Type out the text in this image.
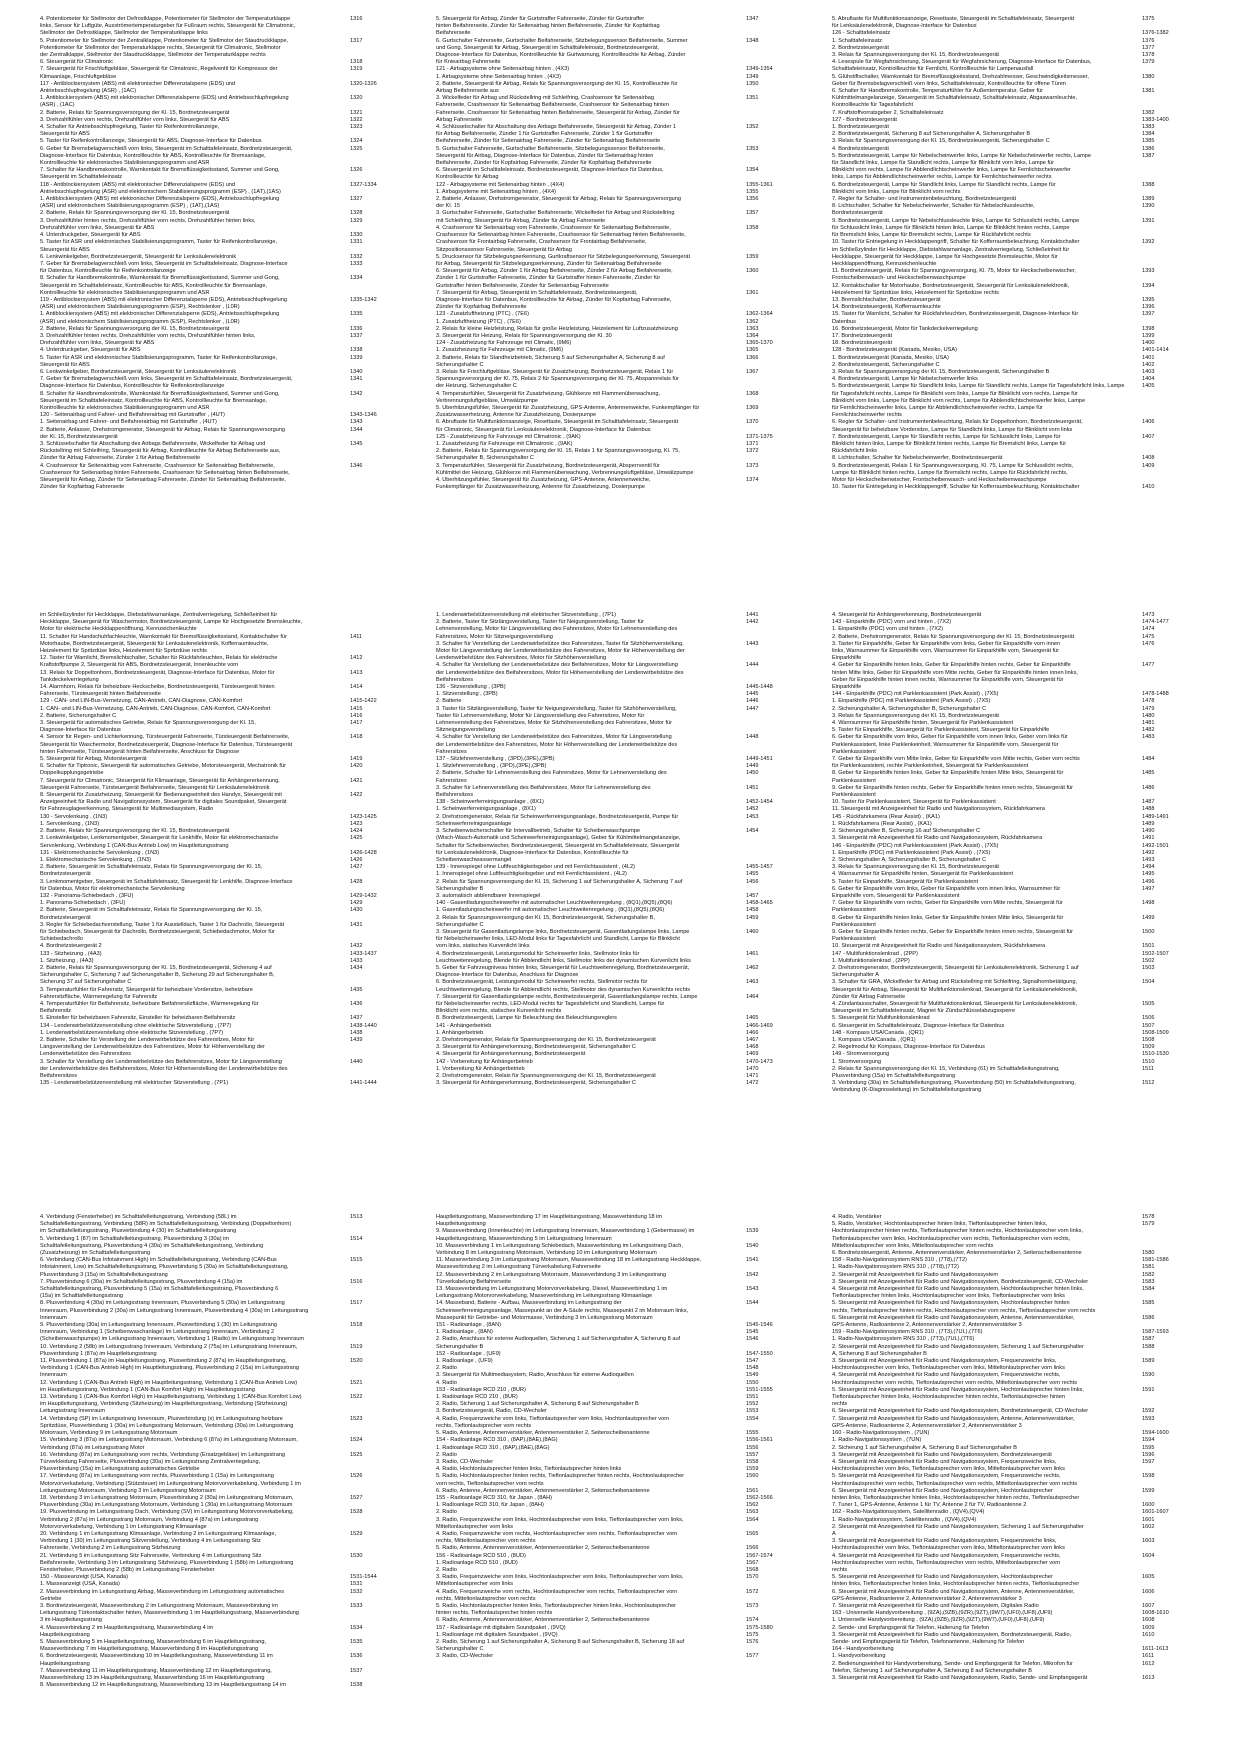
4. Potentiometer für Stellmotor der Defrostklappe, Potentiometer für Stellmotor der Temperaturklappe	1316
links, Sensor für Luftgüte, Ausströmertemperaturgeber für Fußraum rechts, Steuergerät für Climatronic,
Stellmotor der Defrostklappe, Stellmotor der Temperaturklappe links
5. Potentiometer für Stellmotor der Zentralklappe, Potentiometer für Stellmotor der Staudruckklappe,	1317
Potentiometer für Stellmotor der Temperaturklappe rechts, Steuergerät für Climatronic, Stellmotor
der Zentralklappe, Stellmotor der Staudruckklappe, Stellmotor der Temperaturklappe rechts
6. Steuergerät für Climatronic	1318
7. Steuergerät für Frischluftgebläse, Steuergerät für Climatronic, Regelventil für Kompressor der	1319
Klimaanlage, Frischluftgebläse
117 - Antiblockiersystem (ABS) mit elektronischer Differenzialsperre (EDS) und	1320-1326
Antriebsschlupfregelung (ASR) , (1AC)
1. Antiblockiersystem (ABS) mit elektronischer Differenzialsperre (EDS) und Antriebsschlupfregelung	1320
(ASR) , (1AC)
2. Batterie, Relais für Spannungsversorgung der Kl. 15, Bordnetzsteuergerät	1321
3. Drehzahlfühler vorn rechts, Drehzahlfühler vorn links, Steuergerät für ABS	1322
4. Schalter für Antriebsschlupfregelung, Taster für Reifenkontrollanzeige,	1323
Steuergerät für ABS
5. Taster für Reifenkontrollanzeige, Steuergerät für ABS, Diagnose-Interface für Datenbus	1324
6. Geber für Bremsbelagverschleiß vorn links, Steuergerät im Schalttafeleinsatz, Bordnetzsteuergerät,	1325
Diagnose-Interface für Datenbus, Kontrollleuchte für ABS, Kontrollleuchte für Bremsanlage,
Kontrollleuchte für elektronisches Stabilisierungsprogramm und ASR
7. Schalter für Handbremskontrolle, Warnkontakt für Bremsflüssigkeitsstand, Summer und Gong,	1326
Steuergerät im Schalttafeleinsatz
118 - Antiblockiersystem (ABS) mit elektronischer Differenzialsperre (EDS) und	1327-1334
Antriebsschlupfregelung (ASR) und elektronischem Stabilisierungsprogramm (ESP) , (1AT),(1AS)
1. Antiblockiersystem (ABS) mit elektronischer Differenzialsperre (EDS), Antriebsschlupfregelung	1327
(ASR) und elektronischem Stabilisierungsprogramm (ESP) , (1AT),(1AS)
2. Batterie, Relais für Spannungsversorgung der Kl. 15, Bordnetzsteuergerät	1328
3. Drehzahlfühler hinten rechts, Drehzahlfühler vorn rechts, Drehzahlfühler hinten links,	1329
Drehzahlfühler vorn links, Steuergerät für ABS
4. Unterdruckgeber, Steuergerät für ABS	1330
5. Taster für ASR und elektronisches Stabilisierungsprogramm, Taster für Reifenkontrollanzeige,	1331
Steuergerät für ABS
6. Lenkwinkelgeber, Bordnetzsteuergerät, Steuergerät für Lenksäulenelektronik	1332
7. Geber für Bremsbelagverschleiß vorn links, Steuergerät im Schalttafeleinsatz, Diagnose-Interface	1333
für Datenbus, Kontrollleuchte für Reifenkontrollanzeige
8. Schalter für Handbremskontrolle, Warnkontakt für Bremsflüssigkeitsstand, Summer und Gong,	1334
Steuergerät im Schalttafeleinsatz, Kontrollleuchte für ABS, Kontrollleuchte für Bremsanlage,
Kontrollleuchte für elektronisches Stabilisierungsprogramm und ASR
119 - Antiblockiersystem (ABS) mit elektronischer Differenzialsperre (EDS), Antriebsschlupfregelung	1335-1342
(ASR) und elektronischem Stabilisierungsprogramm (ESP), Rechtslenker , (L0R)
1. Antiblockiersystem (ABS) mit elektronischer Differenzialsperre (EDS), Antriebsschlupfregelung	1335
(ASR) und elektronischem Stabilisierungsprogramm (ESP), Rechtslenker , (L0R)
2. Batterie, Relais für Spannungsversorgung der Kl. 15, Bordnetzsteuergerät	1336
3. Drehzahlfühler hinten rechts, Drehzahlfühler vorn rechts, Drehzahlfühler hinten links,	1337
Drehzahlfühler vorn links, Steuergerät für ABS
4. Unterdruckgeber, Steuergerät für ABS	1338
5. Taster für ASR und elektronisches Stabilisierungsprogramm, Taster für Reifenkontrollanzeige,	1339
Steuergerät für ABS
6. Lenkwinkelgeber, Bordnetzsteuergerät, Steuergerät für Lenksäulenelektronik	1340
7. Geber für Bremsbelagverschleiß vorn links, Steuergerät im Schalttafeleinsatz, Bordnetzsteuergerät,	1341
Diagnose-Interface für Datenbus, Kontrollleuchte für Reifenkontrollanzeige
8. Schalter für Handbremskontrolle, Warnkontakt für Bremsflüssigkeitsstand, Summer und Gong,	1342
Steuergerät im Schalttafeleinsatz, Kontrollleuchte für ABS, Kontrollleuchte für Bremsanlage,
Kontrollleuchte für elektronisches Stabilisierungsprogramm und ASR
120 - Seitenairbag und Fahrer- und Beifahrerairbag mit Gurtstraffer , (4UT)	1343-1346
1. Seitenairbag und Fahrer- und Beifahrerairbag mit Gurtstraffer , (4UT)	1343
2. Batterie, Anlasser, Drehstromgenerator, Steuergerät für Airbag, Relais für Spannungsversorgung	1344
der Kl. 15, Bordnetzsteuergerät
3. Schlüsselschalter für Abschaltung des Airbags Beifahrerseite, Wickelfeder für Airbag und	1345
Rückstellring mit Schleifring, Steuergerät für Airbag, Kontrollleuchte für Airbag Beifahrerseite aus,
Zünder für Airbag Fahrerseite, Zünder 1 für Airbag Beifahrerseite
4. Crashsensor für Seitenairbag vorn Fahrerseite, Crashsensor für Seitenairbag Beifahrerseite,	1346
Crashsensor für Seitenairbag hinten Fahrerseite, Crashsensor für Seitenairbag hinten Beifahrerseite,
Steuergerät für Airbag, Zünder für Seitenairbag Fahrerseite, Zünder für Seitenairbag Beifahrerseite,
Zünder für Kopfairbag Fahrerseite
5. Steuergerät für Airbag, Zünder für Gurtstraffer Fahrerseite, Zünder für Gurtstraffer	1347
hinten Beifahrerseite, Zünder für Seitenairbag hinten Beifahrerseite, Zünder für Kopfairbag
Beifahrerseite
6. Gurtschalter Fahrerseite, Gurtschalter Beifahrerseite, Sitzbelegungssensor Beifahrerseite, Summer	1348
und Gong, Steuergerät für Airbag, Steuergerät im Schalttafeleinsatz, Bordnetzsteuergerät,
Diagnose-Interface für Datenbus, Kontrollleuchte für Gurtwarnung, Kontrollleuchte für Airbag, Zünder
für Knieairbag Fahrerseite
121 - Airbagsysteme ohne Seitenairbag hinten , (4X3)	1349-1354
1. Airbagsysteme ohne Seitenairbag hinten , (4X3)	1349
2. Batterie, Steuergerät für Airbag, Relais für Spannungsversorgung der Kl. 15, Kontrollleuchte für	1350
Airbag Beifahrerseite aus
3. Wickelfeder für Airbag und Rückstellring mit Schleifring, Crashsensor für Seitenairbag	1351
Fahrerseite, Crashsensor für Seitenairbag Beifahrerseite, Crashsensor für Seitenairbag hinten
Fahrerseite, Crashsensor für Seitenairbag hinten Beifahrerseite, Steuergerät für Airbag, Zünder für
Airbag Fahrerseite
4. Schlüsselschalter für Abschaltung des Airbags Beifahrerseite, Steuergerät für Airbag, Zünder 1	1352
für Airbag Beifahrerseite, Zünder 1 für Gurtstraffer Fahrerseite, Zünder 1 für Gurtstraffer
Beifahrerseite, Zünder für Seitenairbag Fahrerseite, Zünder für Seitenairbag Beifahrerseite
5. Gurtschalter Fahrerseite, Gurtschalter Beifahrerseite, Sitzbelegungssensor Beifahrerseite,	1353
Steuergerät für Airbag, Diagnose-Interface für Datenbus, Zünder für Seitenairbag hinten
Beifahrerseite, Zünder für Kopfairbag Fahrerseite, Zünder für Kopfairbag Beifahrerseite
6. Steuergerät im Schalttafeleinsatz, Bordnetzsteuergerät, Diagnose-Interface für Datenbus,	1354
Kontrollleuchte für Airbag
122 - Airbagsysteme mit Seitenairbag hinten , (4X4)	1355-1361
1. Airbagsysteme mit Seitenairbag hinten , (4X4)	1355
2. Batterie, Anlasser, Drehstromgenerator, Steuergerät für Airbag, Relais für Spannungsversorgung	1356
der Kl. 15
3. Gurtschalter Fahrerseite, Gurtschalter Beifahrerseite, Wickelfeder für Airbag und Rückstellring	1357
mit Schleifring, Steuergerät für Airbag, Zünder für Airbag Fahrerseite
4. Crashsensor für Seitenairbag vorn Fahrerseite, Crashsensor für Seitenairbag Beifahrerseite,	1358
Crashsensor für Seitenairbag hinten Fahrerseite, Crashsensor für Seitenairbag hinten Beifahrerseite,
Crashsensor für Frontairbag Fahrerseite, Crashsensor für Frontairbag Beifahrerseite,
Sitzpositionssensor Fahrerseite, Steuergerät für Airbag
5. Drucksensor für Sitzbelegungserkennung, Gurtkraftsensor für Sitzbelegungserkennung, Steuergerät	1359
für Airbag, Steuergerät für Sitzbelegungserkennung, Zünder für Seitenairbag Beifahrerseite
6. Steuergerät für Airbag, Zünder 1 für Airbag Beifahrerseite, Zünder 2 für Airbag Beifahrerseite,	1360
Zünder 1 für Gurtstraffer Fahrerseite, Zünder für Gurtstraffer hinten Fahrerseite, Zünder für
Gurtstraffer hinten Beifahrerseite, Zünder für Seitenairbag Fahrerseite
7. Steuergerät für Airbag, Steuergerät im Schalttafeleinsatz, Bordnetzsteuergerät,	1361
Diagnose-Interface für Datenbus, Kontrollleuchte für Airbag, Zünder für Kopfairbag Fahrerseite,
Zünder für Kopfairbag Beifahrerseite
123 - Zusatzluftheizung (PTC) , (7E6)	1362-1364
1. Zusatzluftheizung (PTC) , (7E6)	1362
2. Relais für kleine Heizleistung, Relais für große Heizleistung, Heizelement für Luftzusatzheizung	1363
3. Steuergerät für Heizung, Relais für Spannungsversorgung der Kl. 30	1364
124 - Zusatzheizung für Fahrzeuge mit Climatic, (9M6)	1365-1370
1. Zusatzheizung für Fahrzeuge mit Climatic, (9M6)	1365
2. Batterie, Relais für Standheizbetrieb, Sicherung 5 auf Sicherungshalter A, Sicherung 8 auf	1366
Sicherungshalter C
3. Relais für Frischluftgebläse, Steuergerät für Zusatzheizung, Bordnetzsteuergerät, Relais 1 für	1367
Spannungsversorgung der Kl. 75, Relais 2 für Spannungsversorgung der Kl. 75, Abspannrelais für
der Heizung, Sicherungshalter C
4. Temperaturfühler, Steuergerät für Zusatzheizung, Glühkerze mit Flammenüberwachung,	1368
Verbrennungsluftgebläse, Umwälzpumpe
5. Überhitzungsfühler, Steuergerät für Zusatzheizung, GPS-Antenne, Antennenweiche, Funkempfänger für	1369
Zusatzwasserheizung, Antenne für Zusatzheizung, Dosierpumpe
6. Abruftaste für Multifunktionsanzeige, Resettaste, Steuergerät im Schalttafeleinsatz, Steuergerät	1370
für Climatronic, Steuergerät für Lenksäulenelektronik, Diagnose-Interface für Datenbus
125 - Zusatzheizung für Fahrzeuge mit Climatronic , (9AK)	1371-1375
1. Zusatzheizung für Fahrzeuge mit Climatronic , (9AK)	1371
2. Batterie, Relais für Spannungsversorgung der Kl. 15, Relais 1 für Spannungsversorgung, Kl. 75,	1372
Sicherungshalter B, Sicherungshalter C
3. Temperaturfühler, Steuergerät für Zusatzheizung, Bordnetzsteuergerät, Absperrventil für	1373
Kühlmittel der Heizung, Glühkerze mit Flammenüberwachung, Verbrennungsluftgebläse, Umwälzpumpe
4. Überhitzungsfühler, Steuergerät für Zusatzheizung, GPS-Antenne, Antennenweiche,	1374
Funkempfänger für Zusatzwasserheizung, Antenne für Zusatzheizung, Dosierpumpe
5. Abruftaste für Multifunktionsanzeige, Resettaste, Steuergerät im Schalttafeleinsatz, Steuergerät	1375
für Lenksäulenelektronik, Diagnose-Interface für Datenbus
126 - Schalttafeleinsatz	1376-1382
1. Schalttafeleinsatz	1376
2. Bordnetzsteuergerät	1377
3. Relais für Spannungsversorgung der Kl. 15, Bordnetzsteuergerät	1378
4. Lesespule für Wegfahrsicherung, Steuergerät für Wegfahrsicherung, Diagnose-Interface für Datenbus,	1379
Schalttafeleinsatz, Kontrollleuchte für Fernlicht, Kontrollleuchte für Lampenausfall
5. Glühstiftschalter, Warnkontakt für Bremsflüssigkeitsstand, Drehzahlmesser, Geschwindigkeitsmesser,	1380
Geber für Bremsbelagverschleiß vorn links, Schalttafeleinsatz, Kontrollleuchte für offene Türen
6. Schalter für Handbremskontrolle, Temperaturfühler für Außentemperatur, Geber für	1381
Kühlmittelmangelanzeige, Steuergerät im Schalttafeleinsatz, Schalttafeleinsatz, Abgaswarnleuchte,
Kontrollleuchte für Tagesfahrlicht
7. Kraftstoffvorratsgeber 2, Schalttafeleinsatz	1382
127 - Bordnetzsteuergerät	1383-1400
1. Bordnetzsteuergerät	1383
2. Bordnetzsteuergerät, Sicherung 8 auf Sicherungshalter A, Sicherungshalter B	1384
3. Relais für Spannungsversorgung der Kl. 15, Bordnetzsteuergerät, Sicherungshalter C	1385
4. Bordnetzsteuergerät	1386
5. Bordnetzsteuergerät, Lampe für Nebelscheinwerfer links, Lampe für Nebelscheinwerfer rechts, Lampe	1387
für Standlicht links, Lampe für Standlicht rechts, Lampe für Blinklicht vorn links, Lampe für
Blinklicht vorn rechts, Lampe für Abblendlichtscheinwerfer links, Lampe für Fernlichtscheinwerfer
links, Lampe für Abblendlichtscheinwerfer rechts, Lampe für Fernlichtscheinwerfer rechts
6. Bordnetzsteuergerät, Lampe für Standlicht links, Lampe für Standlicht rechts, Lampe für	1388
Blinklicht vorn links, Lampe für Blinklicht vorn rechts
7. Regler für Schalter- und Instrumentenbeleuchtung, Bordnetzsteuergerät	1389
8. Lichtschalter, Schalter für Nebelscheinwerfer, Schalter für Nebelschlussleuchte,	1390
Bordnetzsteuergerät
9. Bordnetzsteuergerät, Lampe für Nebelschlussleuchte links, Lampe für Schlusslicht rechts, Lampe	1391
für Schlusslicht links, Lampe für Blinklicht hinten links, Lampe für Blinklicht hinten rechts, Lampe
für Bremslicht links, Lampe für Bremslicht rechts, Lampe für Rückfahrlicht rechts
10. Taster für Entriegelung in Heckklappengriff, Schalter für Kofferraumbeleuchtung, Kontaktschalter	1392
im Schließzylinder für Heckklappe, Diebstahlwarnanlage, Zentralverriegelung, Schließeinheit für
Heckklappe, Steuergerät für Heckklappe, Lampe für Hochgesetzte Bremsleuchte, Motor für
Heckklappenöffnung, Kennzeichenleuchte
11. Bordnetzsteuergerät, Relais für Spannungsversorgung, Kl. 75, Motor für Heckscheibenwischer,	1393
Frontscheibenwasch- und Heckscheibenwaschpumpe
12. Kontaktschalter für Motorhaube, Bordnetzsteuergerät, Steuergerät für Lenksäulenelektronik,	1394
Heizelement für Spritzdüse links, Heizelement für Spritzdüse rechts
13. Bremslichtschalter, Bordnetzsteuergerät	1395
14. Bordnetzsteuergerät, Kofferraumleuchte	1396
15. Taster für Warnlicht, Schalter für Rückfahrleuchten, Bordnetzsteuergerät, Diagnose-Interface für	1397
Datenbus
16. Bordnetzsteuergerät, Motor für Tankdeckelverriegelung	1398
17. Bordnetzsteuergerät	1399
18. Bordnetzsteuergerät	1400
128 - Bordnetzsteuergerät (Kanada, Mexiko, USA)	1401-1414
1. Bordnetzsteuergerät (Kanada, Mexiko, USA)	1401
2. Bordnetzsteuergerät, Sicherungshalter C	1402
3. Relais für Spannungsversorgung der Kl. 15, Bordnetzsteuergerät, Sicherungshalter B	1403
4. Bordnetzsteuergerät, Lampe für Nebelscheinwerfer links	1404
5. Bordnetzsteuergerät, Lampe für Standlicht links, Lampe für Standlicht rechts, Lampe für Tagesfahrlicht links, Lampe	1405
für Tagesfahrlicht rechts, Lampe für Blinklicht vorn links, Lampe für Blinklicht vorn rechts, Lampe für
Blinklicht vorn links, Lampe für Blinklicht vorn rechts, Lampe für Abblendlichtscheinwerfer links, Lampe
für Fernlichtscheinwerfer links, Lampe für Abblendlichtscheinwerfer rechts, Lampe für
Fernlichtscheinwerfer rechts
6. Regler für Schalter- und Instrumentenbeleuchtung, Relais für Doppeltonhorn, Bordnetzsteuergerät,	1406
Steuergerät für beheizbare Vordersitze, Lampe für Standlicht links, Lampe für Blinklicht vorn links
7. Bordnetzsteuergerät, Lampe für Standlicht rechts, Lampe für Schlusslicht links, Lampe für	1407
Blinklicht hinten links, Lampe für Blinklicht hinten rechts, Lampe für Bremslicht links, Lampe für
Rückfahrlicht links
8. Lichtschalter, Schalter für Nebelscheinwerfer, Bordnetzsteuergerät	1408
9. Bordnetzsteuergerät, Relais 1 für Spannungsversorgung, Kl. 75, Lampe für Schlusslicht rechts,	1409
Lampe für Blinklicht hinten rechts, Lampe für Bremslicht rechts, Lampe für Rückfahrlicht rechts,
Motor für Heckscheibenwischer, Frontscheibenwasch- und Heckscheibenwaschpumpe
10. Taster für Entriegelung in Heckklappengriff, Schalter für Kofferraumbeleuchtung, Kontaktschalter	1410
im Schließzylinder für Heckklappe, Diebstahlwarnanlage, Zentralverriegelung, Schließeinheit für
Heckklappe, Steuergerät für Waschermotor, Bordnetzsteuergerät, Lampe für Hochgesetzte Bremsleuchte,
Motor für elektrische Heckklappenöffnung, Kennzeichenleuchte
11. Schalter für Handschuhfachleuchte, Warnkontakt für Bremsflüssigkeitsstand, Kontaktschalter für	1411
Motorhaube, Bordnetzsteuergerät, Steuergerät für Lenksäulenelektronik, Kofferraumleuchte,
Heizelement für Spritzdüse links, Heizelement für Spritzdüse rechts
12. Taster für Warnlicht, Bremslichtschalter, Schalter für Rückfahrleuchten, Relais für elektrische	1412
Kraftstoffpumpe 2, Steuergerät für ABS, Bordnetzsteuergerät, Innenleuchte vorn
13. Relais für Doppeltonhorn, Bordnetzsteuergerät, Diagnose-Interface für Datenbus, Motor für	1413
Tankdeckelverriegelung
14. Alarmhorn, Relais für beheizbare Heckscheibe, Bordnetzsteuergerät, Türsteuergerät hinten	1414
Fahrerseite, Türsteuergerät hinten Beifahrerseite
129 - CAN- und LIN-Bus-Vernetzung, CAN-Antrieb, CAN-Diagnose, CAN-Komfort	1415-1422
1. CAN- und LIN-Bus-Vernetzung, CAN-Antrieb, CAN-Diagnose, CAN-Komfort, CAN-Komfort	1415
2. Batterie, Sicherungshalter C	1416
3. Steuergerät für automatisches Getriebe, Relais für Spannungsversorgung der Kl. 15,	1417
Diagnose-Interface für Datenbus
4. Sensor für Regen- und Lichterkennung, Türsteuergerät Fahrerseite, Türsteuergerät Beifahrerseite,	1418
Steuergerät für Waschermotor, Bordnetzsteuergerät, Diagnose-Interface für Datenbus, Türsteuergerät
hinten Fahrerseite, Türsteuergerät hinten Beifahrerseite, Anschluss für Diagnose
5. Steuergerät für Airbag, Motorsteuergerät	1419
6. Schalter für Tiptronic, Steuergerät für automatisches Getriebe, Motorsteuergerät, Mechatronik für	1420
Doppelkupplungsgetriebe
7. Steuergerät für Climatronic, Steuergerät für Klimaanlage, Steuergerät für Anhängererkennung,	1421
Steuergerät Fahrerseite, Türsteuergerät Beifahrerseite, Steuergerät für Lenksäulenelektronik
8. Steuergerät für Zusatzheizung, Steuergerät für Bedienungseinheit des Handys, Steuergerät mit	1422
Anzeigeeinheit für Radio und Navigationssystem, Steuergerät für digitales Soundpaket, Steuergerät
für Fahrzeuglageerkennung, Steuergerät für Multimediasystem, Radio
130 - Servolenkung , (1N3)	1423-1425
1. Servolenkung , (1N3)	1423
2. Batterie, Relais für Spannungsversorgung der Kl. 15, Bordnetzsteuergerät	1424
3. Lenkwinkelgeber, Lenkmomentgeber, Steuergerät für Lenkhilfe, Motor für elektromechanische	1425
Servolenkung, Verbindung 1 (CAN-Bus Antrieb Low) im Hauptleitungsstrang
131 - Elektromechanische Servolenkung , (1N3)	1426-1428
1. Elektromechanische Servolenkung , (1N3)	1426
2. Batterie, Steuergerät im Schalttafeleinsatz, Relais für Spannungsversorgung der Kl. 15,	1427
Bordnetzsteuergerät
3. Lenkmomentgeber, Steuergerät im Schalttafeleinsatz, Steuergerät für Lenkhilfe, Diagnose-Interface	1428
für Datenbus, Motor für elektromechanische Servolenkung
132 - Panorama-Schiebedach , (3FU)	1429-1432
1. Panorama-Schiebedach , (3FU)	1429
2. Batterie, Steuergerät im Schalttafeleinsatz, Relais für Spannungsversorgung der Kl. 15,	1430
Bordnetzsteuergerät
3. Regler für Schiebedachverstellung, Taster 1 für Ausstelldach, Taster 1 für Dachrollo, Steuergerät	1431
für Schiebedach, Steuergerät für Dachrollo, Bordnetzsteuergerät, Schiebedachmotor, Motor für
Schiebedachrollo
4. Bordnetzsteuergerät 2	1432
133 - Sitzheizung , (4A3)	1433-1437
1. Sitzheizung , (4A3)	1433
2. Batterie, Relais für Spannungsversorgung der Kl. 15, Bordnetzsteuergerät, Sicherung 4 auf	1434
Sicherungshalter C, Sicherung 7 auf Sicherungshalter B, Sicherung 29 auf Sicherungshalter B,
Sicherung 37 auf Sicherungshalter C
3. Temperaturfühler für Fahrersitz, Steuergerät für beheizbare Vordersitze, beheizbare	1435
Fahrersitzfläche, Wärmeregelung für Fahrersitz
4. Temperaturfühler für Beifahrersitz, beheizbare Beifahrersitzfläche, Wärmeregelung für	1436
Beifahrersitz
5. Einsteller für beheizbaren Fahrersitz, Einsteller für beheizbaren Beifahrersitz	1437
134 - Lendenwirbelstützenverstellung ohne elektrische Sitzverstellung , (7P7)	1438-1440
1. Lendenwirbelstützenverstellung ohne elektrische Sitzverstellung , (7P7)	1438
2. Batterie, Schalter für Verstellung der Lendenwirbelstütze des Fahrersitzes, Motor für	1439
Längsverstellung der Lendenwirbelstütze des Fahrersitzes, Motor für Höhenverstellung der
Lendenwirbelstütze des Fahrersitzes
3. Schalter für Verstellung der Lendenwirbelstütze des Beifahrersitzes, Motor für Längsverstellung	1440
der Lendenwirbelstütze des Beifahrersitzes, Motor für Höhenverstellung der Lendenwirbelstütze des
Beifahrersitzes
135 - Lendenwirbelstützenverstellung mit elektrischer Sitzverstellung , (7P1)	1441-1444
1. Lendenwirbelstützenverstellung mit elektrischer Sitzverstellung , (7P1)	1441
2. Batterie, Taster für Sitzlängsverstellung, Taster für Neigungsverstellung, Taster für	1442
Lehnenverstellung, Motor für Längsverstellung des Fahrersitzes, Motor für Lehnenverstellung des
Fahrersitzes, Motor für Sitzneigungsverstellung
3. Schalter für Verstellung der Lendenwirbelstütze des Fahrersitzes, Taster für Sitzhöhenverstellung,	1443
Motor für Längsverstellung der Lendenwirbelstütze des Fahrersitzes, Motor für Höhenverstellung der
Lendenwirbelstütze des Fahrersitzes, Motor für Sitzhöhenverstellung
4. Schalter für Verstellung der Lendenwirbelstütze des Beifahrersitzes, Motor für Längsverstellung	1444
der Lendenwirbelstütze des Beifahrersitzes, Motor für Höhenverstellung der Lendenwirbelstütze des
Beifahrersitzes
136 - Sitzverstellung , (3PB)	1445-1448
1. Sitzverstellung , (3PB)	1445
2. Batterie	1446
3. Taster für Sitzlängsverstellung, Taster für Neigungsverstellung, Taster für Sitzhöhenverstellung,	1447
Taster für Lehnenverstellung, Motor für Längsverstellung des Fahrersitzes, Motor für
Lehnenverstellung des Fahrersitzes, Motor für Sitzhöhenverstellung des Fahrersitzes, Motor für
Sitzneigungsverstellung
4. Schalter für Verstellung der Lendenwirbelstütze des Fahrersitzes, Motor für Längsverstellung	1448
der Lendenwirbelstütze des Fahrersitzes, Motor für Höhenverstellung der Lendenwirbelstütze des
Fahrersitzes
137 - Sitzlehnenverstellung , (3PD),(3PE),(3PB)	1449-1451
1. Sitzlehnenverstellung , (3PD),(3PE),(3PB)	1449
2. Batterie, Schalter für Lehnenverstellung des Fahrersitzes, Motor für Lehnenverstellung des	1450
Fahrersitzes
3. Schalter für Lehnenverstellung des Beifahrersitzes, Motor für Lehnenverstellung des	1451
Beifahrersitzes
138 - Scheinwerferreinigungsanlage , (8X1)	1452-1454
1. Scheinwerferreinigungsanlage , (8X1)	1452
2. Drehstromgenerator, Relais für Scheinwerferreinigungsanlage, Bordnetzsteuergerät, Pumpe für	1453
Scheinwerferreinigungsanlage
3. Scheibenwischerschalter für Intervallbetrieb, Schalter für Scheibenwaschpumpe	1454
(Wisch-Wasch-Automatik und Scheinwerferreinigungsanlage), Geber für Kühlmittelmangelanzeige,
Schalter für Scheibenwischer, Bordnetzsteuergerät, Steuergerät im Schalttafeleinsatz, Steuergerät
für Lenksäulenelektronik, Diagnose-Interface für Datenbus, Kontrollleuchte für
Scheibenwaschwassermangel
139 - Innenspiegel ohne Luftfeuchtigkeitsgeber und mit Fernlichtassistent , (4L2)	1455-1457
1. Innenspiegel ohne Luftfeuchtigkeitsgeber und mit Fernlichtassistent , (4L2)	1455
2. Relais für Spannungsversorgung der Kl. 15, Sicherung 1 auf Sicherungshalter A, Sicherung 7 auf	1456
Sicherungshalter B
3. automatisch abblendbarer Innenspiegel	1457
140 - Gasentladungsscheinwerfer mit automatischer Leuchtweitenregelung , (8Q1),(8Q5),(8Q6)	1458-1465
1. Gasentladungsscheinwerfer mit automatischer Leuchtweitenregelung , (8Q1),(8Q5),(8Q6)	1458
2. Relais für Spannungsversorgung der Kl. 15, Bordnetzsteuergerät, Sicherungshalter B,	1459
Sicherungshalter C
3. Steuergerät für Gasentladungslampe links, Bordnetzsteuergerät, Gasentladungslampe links, Lampe	1460
für Nebelscheinwerfer links, LED-Modul links für Tagesfahrlicht und Standlicht, Lampe für Blinklicht
vorn links, statisches Kurvenlicht links
4. Bordnetzsteuergerät, Leistungsmodul für Scheinwerfer links, Stellmotor links für	1461
Leuchtweitenregelung, Blende für Abblendlicht links, Stellmotor links der dynamischen Kurvenlicht links
5. Geber für Fahrzeugniveau hinten links, Steuergerät für Leuchtweitenregelung, Bordnetzsteuergerät,	1462
Diagnose-Interface für Datenbus, Anschluss für Diagnose
6. Bordnetzsteuergerät, Leistungsmodul für Scheinwerfer rechts, Stellmotor rechts für	1463
Leuchtweitenregelung, Blende für Abblendlicht rechts, Stellmotor des dynamischen Kurvenlichts rechts
7. Steuergerät für Gasentladungslampe rechts, Bordnetzsteuergerät, Gasentladungslampe rechts, Lampe	1464
für Nebelscheinwerfer rechts, LED-Modul rechts für Tagesfahrlicht und Standlicht, Lampe für
Blinklicht vorn rechts, statisches Kurvenlicht rechts
8. Bordnetzsteuergerät, Lampe für Beleuchtung des Beleuchtungsreglers	1465
141 - Anhängerbetrieb	1466-1469
1. Anhängerbetrieb	1466
2. Drehstromgenerator, Relais für Spannungsversorgung der Kl. 15, Bordnetzsteuergerät	1467
3. Steuergerät für Anhängererkennung, Bordnetzsteuergerät, Sicherungshalter C	1468
4. Steuergerät für Anhängererkennung, Bordnetzsteuergerät	1469
142 - Vorbereitung für Anhängerbetrieb	1470-1473
1. Vorbereitung für Anhängerbetrieb	1470
2. Drehstromgenerator, Relais für Spannungsversorgung der Kl. 15, Bordnetzsteuergerät	1471
3. Steuergerät für Anhängererkennung, Bordnetzsteuergerät, Sicherungshalter C	1472
4. Steuergerät für Anhängererkennung, Bordnetzsteuergerät	1473
143 - Einparkhilfe (PDC) vorn und hinten , (7X2)	1474-1477
1. Einparkhilfe (PDC) vorn und hinten , (7X2)	1474
2. Batterie, Drehstromgenerator, Relais für Spannungsversorgung der Kl. 15, Bordnetzsteuergerät	1475
3. Taster für Einparkhilfe, Geber für Einparkhilfe vorn links, Geber für Einparkhilfe vorn innen	1476
links, Warnsummer für Einparkhilfe vorn, Warnsummer für Einparkhilfe vorn, Steuergerät für
Einparkhilfe
4. Geber für Einparkhilfe hinten links, Geber für Einparkhilfe hinten rechts, Geber für Einparkhilfe	1477
hinten Mitte links, Geber für Einparkhilfe vorn Mitte rechts, Geber für Einparkhilfe hinten innen links,
Geber für Einparkhilfe hinten innen rechts, Warnsummer für Einparkhilfe vorn, Steuergerät für
Einparkhilfe
144 - Einparkhilfe (PDC) mit Parklenkassistent (Park Assist) , (7X5)	1478-1488
1. Einparkhilfe (PDC) mit Parklenkassistent (Park Assist) , (7X5)	1478
2. Sicherungshalter A, Sicherungshalter B, Sicherungshalter C	1479
3. Relais für Spannungsversorgung der Kl. 15, Bordnetzsteuergerät	1480
4. Warnsummer für Einparkhilfe hinten, Steuergerät für Parklenkassistent	1481
5. Taster für Einparkhilfe, Steuergerät für Parklenkassistent, Steuergerät für Einparkhilfe	1482
6. Geber für Einparkhilfe vorn links, Geber für Einparkhilfe vorn innen links, Geber vorn links für	1483
Parklenkassistent, linke Parklenkeinheit, Warnsummer für Einparkhilfe vorn, Steuergerät für
Parklenkassistent
7. Geber für Einparkhilfe vorn Mitte links, Geber für Einparkhilfe vorn Mitte rechts, Geber vorn rechts	1484
für Parklenkassistent, rechte Parklenkeinheit, Steuergerät für Parklenkassistent
8. Geber für Einparkhilfe hinten links, Geber für Einparkhilfe hinten Mitte links, Steuergerät für	1485
Parklenkassistent
9. Geber für Einparkhilfe hinten rechts, Geber für Einparkhilfe hinten innen rechts, Steuergerät für	1486
Parklenkassistent
10. Taster für Parklenkassistent, Steuergerät für Parklenkassistent	1487
11. Steuergerät mit Anzeigeeinheit für Radio und Navigationssystem, Rückfahrkamera	1488
145 - Rückfahrkamera (Rear Assist) , (KA1)	1489-1491
1. Rückfahrkamera (Rear Assist) , (KA1)	1489
2. Sicherungshalter B, Sicherung 16 auf Sicherungshalter C	1490
3. Steuergerät mit Anzeigeeinheit für Radio und Navigationssystem, Rückfahrkamera	1491
146 - Einparkhilfe (PDC) mit Parklenkassistent (Park Assist) , (7X5)	1492-1501
1. Einparkhilfe (PDC) mit Parklenkassistent (Park Assist) , (7X5)	1492
2. Sicherungshalter A, Sicherungshalter B, Sicherungshalter C	1493
3. Relais für Spannungsversorgung der Kl. 15, Bordnetzsteuergerät	1494
4. Warnsummer für Einparkhilfe hinten, Steuergerät für Parklenkassistent	1495
5. Taster für Einparkhilfe, Steuergerät für Parklenkassistent	1496
6. Geber für Einparkhilfe vorn links, Geber für Einparkhilfe vorn innen links, Warnsummer für	1497
Einparkhilfe vorn, Steuergerät für Parklenkassistent
7. Geber für Einparkhilfe vorn rechts, Geber für Einparkhilfe vorn Mitte rechts, Steuergerät für	1498
Parklenkassistent
8. Geber für Einparkhilfe hinten links, Geber für Einparkhilfe hinten Mitte links, Steuergerät für	1499
Parklenkassistent
9. Geber für Einparkhilfe hinten rechts, Geber für Einparkhilfe hinten innen rechts, Steuergerät für	1500
Parklenkassistent
10. Steuergerät mit Anzeigeeinheit für Radio und Navigationssystem, Rückfahrkamera	1501
147 - Multifunktionslenkrad , (2PP)	1502-1507
1. Multifunktionslenkrad , (2PP)	1502
2. Drehstromgenerator, Bordnetzsteuergerät, Steuergerät für Lenksäulenelektronik, Sicherung 1 auf	1503
Sicherungshalter A
3. Schalter für GRA, Wickelfeder für Airbag und Rückstellring mit Schleifring, Signalhornbetätigung,	1504
Steuergerät für Airbag, Steuergerät für Multifunktionslenkrad, Steuergerät für Lenksäulenelektronik,
Zünder für Airbag Fahrerseite
4. Zündanlassschalter, Steuergerät für Multifunktionslenkrad, Steuergerät für Lenksäulenelektronik,	1505
Steuergerät im Schalttafeleinsatz, Magnet für Zündschlüsselabzugssperre
5. Steuergerät für Multifunktionslenkrad	1506
6. Steuergerät im Schalttafeleinsatz, Diagnose-Interface für Datenbus	1507
148 - Kompass USA/Canada , (QR1)	1508-1509
1. Kompass USA/Canada , (QR1)	1508
2. Regelmodul für Kompass, Diagnose-Interface für Datenbus	1509
149 - Stromversorgung	1510-1530
1. Stromversorgung	1510
2. Relais für Spannungsversorgung der Kl. 15, Verbindung (61) im Schalttafelleitungsstrang,	1511
Plusverbindung (15a) im Schalttafelleitungsstrang
3. Verbindung (30a) im Schalttafelleitungsstrang, Plusverbindung (50) im Schalttafelleitungsstrang,	1512
Verbindung (K-Diagnoseleitung) im Schalttafelleitungsstrang
4. Verbindung (Fensterheber) im Schalttafelleitungsstrang, Verbindung (58L) im	1513
Schalttafelleitungsstrang, Verbindung (58R) im Schalttafelleitungsstrang, Verbindung (Doppeltonhorn)
im Schalttafelleitungsstrang, Plusverbindung 4 (30) im Schalttafelleitungsstrang
5. Verbindung 1 (87) im Schalttafelleitungsstrang, Plusverbindung 3 (30a) im	1514
Schalttafelleitungsstrang, Plusverbindung 4 (30a) im Schalttafelleitungsstrang, Verbindung
(Zusatzheizung) im Schalttafelleitungsstrang
6. Verbindung (CAN-Bus Infotainment High) im Schalttafelleitungsstrang, Verbindung (CAN-Bus	1515
Infotainment, Low) im Schalttafelleitungsstrang, Plusverbindung 5 (30a) im Schalttafelleitungsstrang,
Plusverbindung 3 (15a) im Schalttafelleitungsstrang
7. Plusverbindung 6 (30a) im Schalttafelleitungsstrang, Plusverbindung 4 (15a) im	1516
Schalttafelleitungsstrang, Plusverbindung 5 (15a) im Schalttafelleitungsstrang, Plusverbindung 6
(15a) im Schalttafelleitungsstrang
8. Plusverbindung 4 (30a) im Leitungsstrang Innenraum, Plusverbindung 5 (30a) im Leitungsstrang	1517
Innenraum, Plusverbindung 2 (30a) im Leitungsstrang Innenraum, Plusverbindung 4 (30a) im Leitungsstrang
Innenraum
9. Plusverbindung (30a) im Leitungsstrang Innenraum, Plusverbindung 1 (30) im Leitungsstrang	1518
Innenraum, Verbindung 1 (Scheibenwaschanlage) im Leitungsstrang Innenraum, Verbindung 2
(Scheibenwaschpumpe) im Leitungsstrang Innenraum, Verbindung 1 (Radio) im Leitungsstrang Innenraum
10. Verbindung 2 (58b) im Leitungsstrang Innenraum, Verbindung 2 (75a) im Leitungsstrang Innenraum,	1519
Plusverbindung 1 (87a) im Hauptleitungsstrang
11. Plusverbindung 1 (87a) im Hauptleitungsstrang, Plusverbindung 2 (87a) im Hauptleitungsstrang,	1520
Verbindung 1 (CAN-Bus Antrieb High) im Hauptleitungsstrang, Plusverbindung 2 (15a) im Leitungsstrang
Innenraum
12. Verbindung 1 (CAN-Bus Antrieb High) im Hauptleitungsstrang, Verbindung 1 (CAN-Bus Antrieb Low)	1521
im Hauptleitungsstrang, Verbindung 1 (CAN-Bus Komfort High) im Hauptleitungsstrang
13. Verbindung 1 (CAN-Bus Komfort High) im Hauptleitungsstrang, Verbindung 1 (CAN-Bus Komfort Low)	1522
im Hauptleitungsstrang, Verbindung (Sitzheizung) im Hauptleitungsstrang, Verbindung (Sitzheizung)
Leitungsstrang Innenraum
14. Verbindung (SP) im Leitungsstrang Innenraum, Plusverbindung (x) im Leitungsstrang heizbare	1523
Spritzdüse, Plusverbindung 1 (30a) im Leitungsstrang Motorraum, Verbindung (30a) im Leitungsstrang
Motorraum, Verbindung 9 im Leitungsstrang Motorraum
15. Verbindung 3 (87a) im Leitungsstrang Motorraum, Verbindung 6 (87a) im Leitungsstrang Motorraum,	1524
Verbindung (87a) im Leitungsstrang Motor
16. Verbindung (87a) im Leitungsstrang vorn rechts, Verbindung (Ersatzgebläse) im Leitungsstrang	1525
Türverkleidung Fahrerseite, Plusverbindung (30a) im Leitungsstrang Zentralverriegelung,
Plusverbindung (15a) im Leitungsstrang automatisches Getriebe
17. Verbindung (87a) im Leitungsstrang vorn rechts, Plusverbindung 1 (15a) im Leitungsstrang	1526
Motorvorverkabelung, Verbindung (Stützsteuer) im Leitungsstrang Motorvorverkabelung, Verbindung 1 im
Leitungsstrang Motorraum, Verbindung 3 im Leitungsstrang Motorraum
18. Verbindung 3 im Leitungsstrang Motorraum, Plusverbindung 2 (30a) im Leitungsstrang Motorraum,	1527
Plusverbindung (30a) im Leitungsstrang Motorraum, Verbindung 1 (30a) im Leitungsstrang Motorraum
19. Plusverbindung im Leitungsstrang Dach, Verbindung (SV) im Leitungsstrang Motorvorverkabelung,	1528
Verbindung 2 (87a) im Leitungsstrang Motorraum, Verbindung 4 (87a) im Leitungsstrang
Motorvorverkabelung, Verbindung 1 im Leitungsstrang Klimaanlage
20. Verbindung 1 im Leitungsstrang Klimaanlage, Verbindung 2 im Leitungsstrang Klimaanlage,	1529
Verbindung 1 (30) im Leitungsstrang Sitzverstellung, Verbindung 4 im Leitungsstrang Sitz
Fahrerseite, Verbindung 2 im Leitungsstrang Sitzheizung
21. Verbindung 5 im Leitungsstrang Sitz Fahrerseite, Verbindung 4 im Leitungsstrang Sitz	1530
Beifahrerseite, Verbindung 3 im Leitungsstrang Sitzheizung, Plusverbindung 1 (58b) im Leitungsstrang
Fensterheber, Plusverbindung 2 (58b) im Leitungsstrang Fensterheber
150 - Masseanzeigt (USA, Kanada)	1531-1544
1. Masseanzeigt (USA, Kanada)	1531
2. Masseverbindung im Leitungsstrang Airbag, Masseverbindung im Leitungsstrang automatisches	1532
Getriebe
3. Bordnetzsteuergerät, Masseverbindung 2 im Leitungsstrang Motorraum, Masseverbindung im	1533
Leitungsstrang Türkontaktschalter hinten, Masseverbindung 1 im Hauptleitungsstrang, Masseverbindung
3 im Hauptleitungsstrang
4. Masseverbindung 2 im Hauptleitungsstrang, Masseverbindung 4 im	1534
Hauptleitungsstrang
5. Masseverbindung 5 im Hauptleitungsstrang, Masseverbindung 6 im Hauptleitungsstrang,	1535
Masseverbindung 7 im Hauptleitungsstrang, Masseverbindung 8 im Hauptleitungsstrang
6. Bordnetzsteuergerät, Masseverbindung 10 im Hauptleitungsstrang, Masseverbindung 11 im	1536
Hauptleitungsstrang
7. Masseverbindung 11 im Hauptleitungsstrang, Masseverbindung 12 im Hauptleitungsstrang,	1537
Masseverbindung 13 im Hauptleitungsstrang, Masseverbindung 16 im Hauptleitungsstrang
8. Masseverbindung 12 im Hauptleitungsstrang, Masseverbindung 13 im Hauptleitungsstrang 14 im	1538
Hauptleitungsstrang, Masseverbindung 17 im Hauptleitungsstrang, Masseverbindung 18 im
Hauptleitungsstrang
9. Masseverbindung (Innenleuchte) im Leitungsstrang Innenraum, Masseverbindung 1 (Gebermasse) im	1539
Hauptleitungsstrang, Masseverbindung 5 im Leitungsstrang Innenraum
10. Masseverbindung 1 im Leitungsstrang Schiebedach, Masseverbindung im Leitungsstrang Dach,	1540
Verbindung 8 im Leitungsstrang Motorraum, Verbindung 10 im Leitungsstrang Motorraum
11. Masseverbindung 3 im Leitungsstrang Motorraum, Masseverbindung 18 im Leitungsstrang Heckklappe,	1541
Masseverbindung 2 im Leitungsstrang Türverkabelung Fahrerseite
12. Masseverbindung 2 im Leitungsstrang Motorraum, Masseverbindung 3 im Leitungsstrang	1542
Türverkabelung Beifahrerseite
13. Masseverbindung im Leitungsstrang Motorvorverkabelung, Diesel, Masseverbindung 1 im	1543
Leitungsstrang Motorvorverkabelung, Masseverbindung im Leitungsstrang Klimaanlage
14. Masseband, Batterie - Aufbau, Masseverbindung im Leitungsstrang der	1544
Scheinwerferreinigungsanlage, Massepunkt an der A-Säule rechts, Massepunkt 2 im Motorraum links,
Massepunkt für Getriebe- und Motormasse, Verbindung 3 im Leitungsstrang Motorraum
151 - Radioanlage , (8AN)	1545-1546
1. Radioanlage , (8AN)	1545
2. Radio, Anschluss für externe Audioquellen, Sicherung 1 auf Sicherungshalter A, Sicherung 8 auf	1546
Sicherungshalter B
152 - Radioanlage , (UF9)	1547-1550
1. Radioanlage , (UF9)	1547
2. Radio	1548
3. Steuergerät für Multimediasystem, Radio, Anschluss für externe Audioquellen	1549
4. Radio	1550
153 - Radioanlage RCD 210 , (8UR)	1551-1555
1. Radioanlage RCD 210 , (8UR)	1551
2. Radio, Sicherung 1 auf Sicherungshalter A, Sicherung 8 auf Sicherungshalter B	1552
3. Bordnetzsteuergerät, Radio, CD-Wechsler	1553
4. Radio, Frequenzweiche vorn links, Tieftonlautsprecher vorn links, Hochtonlautsprecher vorn	1554
rechts, Tieftonlautsprecher vorn rechts
5. Radio, Antenne, Antennenverstärker, Antennenverstärker 2, Seitenscheibenantenne	1555
154 - Radioanlage RCD 310 , (8AP),(8AE),(8AG)	1556-1561
1. Radioanlage RCD 310 , (8AP),(8AE),(8AG)	1556
2. Radio	1557
3. Radio, CD-Wechsler	1558
4. Radio, Hochtonlautsprecher hinten links, Tieftonlautsprecher hinten links	1559
5. Radio, Hochtonlautsprecher hinten rechts, Tieftonlautsprecher hinten rechts, Hochtonlautsprecher	1560
vorn rechts, Tieftonlautsprecher vorn rechts
6. Radio, Antenne, Antennenverstärker, Antennenverstärker 2, Seitenscheibenantenne	1561
155 - Radioanlage RCD 310, für Japan , (8AH)	1562-1566
1. Radioanlage RCD 310, für Japan , (8AH)	1562
2. Radio	1563
3. Radio, Frequenzweiche vorn links, Hochtonlautsprecher vorn links, Tieftonlautsprecher vorn links,	1564
Mitteltonlautsprecher vorn links
4. Radio, Frequenzweiche vorn rechts, Hochtonlautsprecher vorn rechts, Tieftonlautsprecher vorn	1565
rechts, Mitteltonlautsprecher vorn rechts
5. Radio, Antenne, Antennenverstärker, Antennenverstärker 2, Seitenscheibenantenne	1566
156 - Radioanlage RCD 510 , (8UD)	1567-1574
1. Radioanlage RCD 510 , (8UD)	1567
2. Radio	1568
3. Radio, Frequenzweiche vorn links, Hochtonlautsprecher vorn links, Tieftonlautsprecher vorn links,	1570
Mitteltonlautsprecher vorn links
4. Radio, Frequenzweiche vorn rechts, Hochtonlautsprecher vorn rechts, Tieftonlautsprecher vorn	1572
rechts, Mitteltonlautsprecher vorn rechts
5. Radio, Hochtonlautsprecher hinten links, Tieftonlautsprecher hinten links, Hochtonlautsprecher	1573
hinten rechts, Tieftonlautsprecher hinten rechts
6. Radio, Antenne, Antennenverstärker, Antennenverstärker 2, Seitenscheibenantenne	1574
157 - Radioanlage mit digitalem Soundpaket , (9VQ)	1575-1580
1. Radioanlage mit digitalem Soundpaket , (9VQ)	1575
2. Radio, Sicherung 1 auf Sicherungshalter A, Sicherung 8 auf Sicherungshalter B, Sicherung 18 auf	1576
Sicherungshalter C
3. Radio, CD-Wechsler	1577
4. Radio, Verstärker	1578
5. Radio, Verstärker, Hochtonlautsprecher hinten links, Tieftonlautsprecher hinten links,	1579
Hochtonlautsprecher hinten rechts, Tieftonlautsprecher hinten rechts, Hochtonlautsprecher vorn links,
Tieftonlautsprecher vorn links, Hochtonlautsprecher vorn rechts, Tieftonlautsprecher vorn rechts,
Mitteltonlautsprecher vorn links, Mitteltonlautsprecher vorn rechts
6. Bordnetzsteuergerät, Antenne, Antennenverstärker, Antennenverstärker 2, Seitenscheibenantenne	1580
158 - Radio-Navigationssystem RNS 310 , (7T8),(7T2)	1581-1586
1. Radio-Navigationssystem RNS 310 , (7T8),(7T2)	1581
2. Steuergerät mit Anzeigeeinheit für Radio und Navigationssystem	1582
3. Steuergerät mit Anzeigeeinheit für Radio und Navigationssystem, Bordnetzsteuergerät, CD-Wechsler	1583
4. Steuergerät mit Anzeigeeinheit für Radio und Navigationssystem, Hochtonlautsprecher hinten links,	1584
Tieftonlautsprecher hinten links, Hochtonlautsprecher vorn links, Tieftonlautsprecher vorn links
5. Steuergerät mit Anzeigeeinheit für Radio und Navigationssystem, Hochtonlautsprecher hinten	1585
rechts, Tieftonlautsprecher hinten rechts, Hochtonlautsprecher vorn rechts, Tieftonlautsprecher vorn rechts
6. Steuergerät mit Anzeigeeinheit für Radio und Navigationssystem, Antenne, Antennenverstärker,	1586
GPS-Antenne, Radioantenne 2, Antennenverstärker 2, Antennenverstärker 3
159 - Radio-Navigationssystem RNS 310 , (7T3),(7UL),(7T6)	1587-1593
1. Radio-Navigationssystem RNS 310 , (7T3),(7UL),(7T6)	1587
2. Steuergerät mit Anzeigeeinheit für Radio und Navigationssystem, Sicherung 1 auf Sicherungshalter	1588
A, Sicherung 8 auf Sicherungshalter B
3. Steuergerät mit Anzeigeeinheit für Radio und Navigationssystem, Frequenzweiche links,	1589
Hochtonlautsprecher vorn links, Tieftonlautsprecher vorn links, Mitteltonlautsprecher vorn links
4. Steuergerät mit Anzeigeeinheit für Radio und Navigationssystem, Frequenzweiche rechts,	1590
Hochtonlautsprecher vorn rechts, Tieftonlautsprecher vorn rechts, Mitteltonlautsprecher vorn rechts
5. Steuergerät mit Anzeigeeinheit für Radio und Navigationssystem, Hochtonlautsprecher hinten links,	1591
Tieftonlautsprecher hinten links, Hochtonlautsprecher hinten rechts, Tieftonlautsprecher hinten
rechts
6. Steuergerät mit Anzeigeeinheit für Radio und Navigationssystem, Bordnetzsteuergerät, CD-Wechsler	1592
7. Steuergerät mit Anzeigeeinheit für Radio und Navigationssystem, Antenne, Antennenverstärker,	1593
GPS-Antenne, Radioantenne 2, Antennenverstärker 2, Antennenverstärker 3
160 - Radio-Navigationssystem , (7UN)	1594-1600
1. Radio-Navigationssystem , (7UN)	1594
2. Sicherung 1 auf Sicherungshalter A, Sicherung 8 auf Sicherungshalter B	1595
3. Steuergerät mit Anzeigeeinheit für Radio und Navigationssystem, Bordnetzsteuergerät	1596
4. Steuergerät mit Anzeigeeinheit für Radio und Navigationssystem, Frequenzweiche links,	1597
Hochtonlautsprecher vorn links, Tieftonlautsprecher vorn links, Mitteltonlautsprecher vorn links
5. Steuergerät mit Anzeigeeinheit für Radio und Navigationssystem, Frequenzweiche rechts,	1598
Hochtonlautsprecher vorn rechts, Tieftonlautsprecher vorn rechts, Mitteltonlautsprecher vorn rechts
6. Steuergerät mit Anzeigeeinheit für Radio und Navigationssystem, Hochtonlautsprecher	1599
hinten links, Tieftonlautsprecher hinten links, Hochtonlautsprecher hinten rechts, Tieftonlautsprecher
7. Tuner 1, GPS-Antenne, Antenne 1 für TV, Antenne 2 für TV, Radioantenne 2	1600
162 - Radio-Navigationssystem, Satellitenradio , (QV4),(QV4)	1601-1607
1. Radio-Navigationssystem, Satellitenradio , (QV4),(QV4)	1601
2. Steuergerät mit Anzeigeeinheit für Radio und Navigationssystem, Sicherung 1 auf Sicherungshalter	1602
A
3. Steuergerät mit Anzeigeeinheit für Radio und Navigationssystem, Frequenzweiche links,	1603
Hochtonlautsprecher vorn links, Tieftonlautsprecher vorn links, Mitteltonlautsprecher vorn links
4. Steuergerät mit Anzeigeeinheit für Radio und Navigationssystem, Frequenzweiche rechts,	1604
Hochtonlautsprecher vorn rechts, Tieftonlautsprecher vorn rechts, Mitteltonlautsprecher vorn
rechts
5. Steuergerät mit Anzeigeeinheit für Radio und Navigationssystem, Hochtonlautsprecher	1605
hinten links, Tieftonlautsprecher hinten links, Hochtonlautsprecher hinten rechts, Tieftonlautsprecher
6. Steuergerät mit Anzeigeeinheit für Radio und Navigationssystem, Antenne, Antennenverstärker,	1606
GPS-Antenne, Radioantenne 2, Antennenverstärker 2, Antennenverstärker 3
7. Steuergerät mit Anzeigeeinheit für Radio und Navigationssystem, Digitales Radio	1607
163 - Universelle Handyvorbereitung , (9ZA),(9ZB),(9ZR),(9ZT),(9W7),(UF0),(UF8),(UF9)	1608-1610
1. Universelle Handyvorbereitung , (9ZA),(9ZB),(9ZR),(9ZT),(9W7),(UF0),(UF8),(UF9)	1608
2. Sende- und Empfangsgerät für Telefon, Halterung für Telefon	1609
3. Steuergerät mit Anzeigeeinheit für Radio und Navigationssystem, Bordnetzsteuergerät, Radio,	1610
Sende- und Empfangsgerät für Telefon, Telefonantenne, Halterung für Telefon
164 - Handyvorbereitung	1611-1613
1. Handyvorbereitung	1611
2. Bedienungseinheit für Handyvorbereitung, Sende- und Empfangsgerät für Telefon, Mikrofon für	1612
Telefon, Sicherung 1 auf Sicherungshalter A, Sicherung 8 auf Sicherungshalter B
3. Steuergerät mit Anzeigeeinheit für Radio und Navigationssystem, Radio, Sende- und Empfangsgerät	1613
